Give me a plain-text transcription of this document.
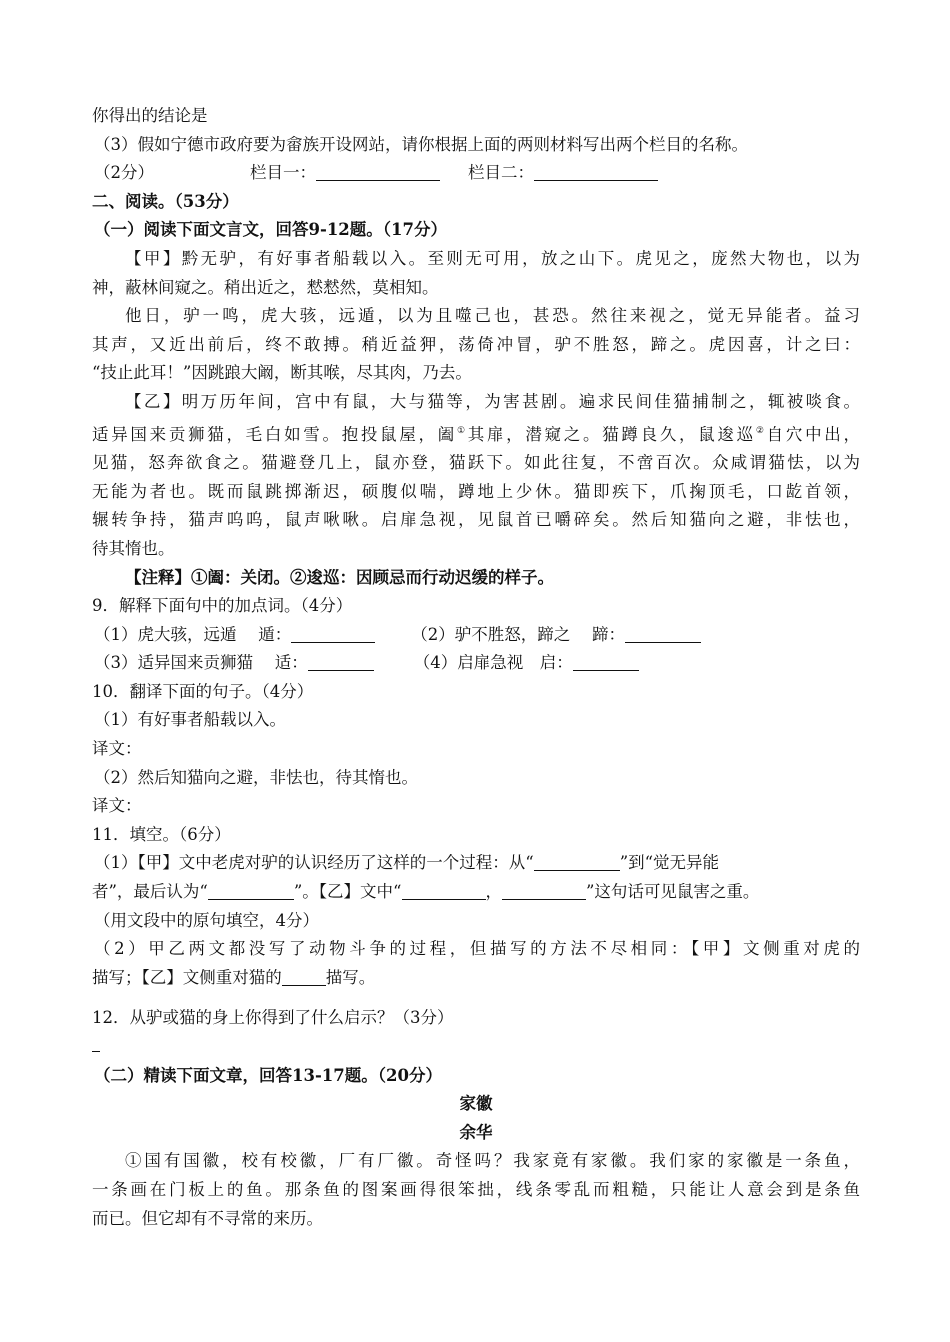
你得出的结论是
（3）假如宁德市政府要为畲族开设网站，请你根据上面的两则材料写出两个栏目的名称。
（2分）	栏目一：	栏目二：
二、阅读。（53分）
（一）阅读下面文言文，回答9-12题。（17分）
【甲】黔无驴，有好事者船载以入。至则无可用，放之山下。虎见之，庞然大物也，以为
神，蔽林间窥之。稍出近之，慭慭然，莫相知。
他日，驴一鸣，虎大骇，远遁，以为且噬己也，甚恐。然往来视之，觉无异能者。益习
其声，又近出前后，终不敢搏。稍近益狎，荡倚冲冒，驴不胜怒，蹄之。虎因喜，计之曰：
“技止此耳！”因跳踉大阚，断其喉，尽其肉，乃去。
【乙】明万历年间，宫中有鼠，大与猫等，为害甚剧。遍求民间佳猫捕制之，辄被啖食。
适异国来贡狮猫，毛白如雪。抱投鼠屋，阖①其扉，潜窥之。猫蹲良久，鼠逡巡②自穴中出，
见猫，怒奔欲食之。猫避登几上，鼠亦登，猫跃下。如此往复，不啻百次。众咸谓猫怯，以为
无能为者也。既而鼠跳掷渐迟，硕腹似喘，蹲地上少休。猫即疾下，爪掬顶毛，口龁首领，
辗转争持，猫声呜呜，鼠声啾啾。启扉急视，见鼠首已嚼碎矣。然后知猫向之避，非怯也，
待其惰也。
【注释】①阖：关闭。②逡巡：因顾忌而行动迟缓的样子。
9．解释下面句中的加点词。（4分）
（1）虎大骇，远遁　 遁：	（2）驴不胜怒，蹄之　 蹄：
（3）适异国来贡狮猫　 适：	（4）启扉急视　启：
10．翻译下面的句子。（4分）
（1）有好事者船载以入。
译文：
（2）然后知猫向之避，非怯也，待其惰也。
译文：
11．填空。（6分）
（1）【甲】文中老虎对驴的认识经历了这样的一个过程：从“	”到“觉无异能
者”，最后认为“	”。【乙】文中“	，	”这句话可见鼠害之重。
（用文段中的原句填空，4分）
（2）甲乙两文都没写了动物斗争的过程，但描写的方法不尽相同：【甲】文侧重对虎的
描写；【乙】文侧重对猫的	描写。
12．从驴或猫的身上你得到了什么启示？（3分）
（二）精读下面文章，回答13-17题。（20分）
家徽
余华
①国有国徽，校有校徽，厂有厂徽。奇怪吗？我家竟有家徽。我们家的家徽是一条鱼，
一条画在门板上的鱼。那条鱼的图案画得很笨拙，线条零乱而粗糙，只能让人意会到是条鱼
而已。但它却有不寻常的来历。
